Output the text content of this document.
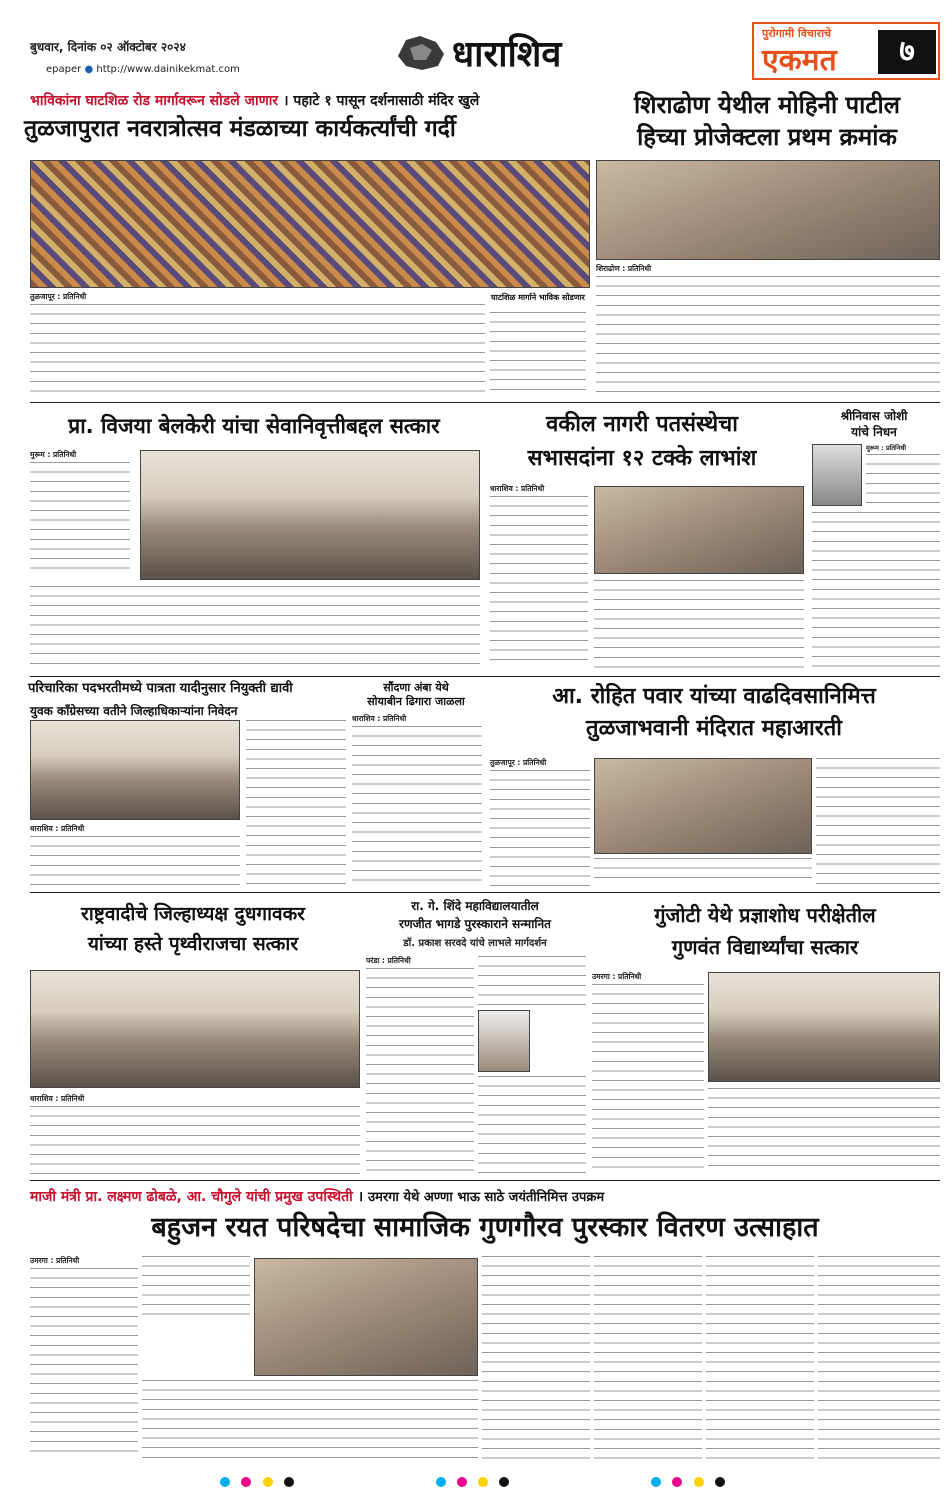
बुधवार, दिनांक ०२ ऑक्टोबर २०२४
epaper ● http://www.dainikekmat.com	धाराशिव
पुरोगामी विचाराचे
एकमत	७
भाविकांना घाटशिळ रोड मार्गावरून सोडले जाणार । पहाटे १ पासून दर्शनासाठी मंदिर खुले
तुळजापुरात नवरात्रोत्सव मंडळाच्या कार्यकर्त्यांची गर्दी
तुळजापूर : प्रतिनिधी	घाटशिळ मार्गाने भाविक सोडणार
शिराढोण येथील मोहिनी पाटील
हिच्या प्रोजेक्टला प्रथम क्रमांक
शिराढोण : प्रतिनिधी
प्रा. विजया बेलकेरी यांचा सेवानिवृत्तीबद्दल सत्कार
मुरूम : प्रतिनिधी
वकील नागरी पतसंस्थेचा
सभासदांना १२ टक्के लाभांश
धाराशिव : प्रतिनिधी
श्रीनिवास जोशी
यांचे निधन
मुरूम : प्रतिनिधी
परिचारिका पदभरतीमध्ये पात्रता यादीनुसार नियुक्ती द्यावी
युवक काँग्रेसच्या वतीने जिल्हाधिकाऱ्यांना निवेदन
धाराशिव : प्रतिनिधी
सौंदणा अंबा येथे
सोयाबीन ढिगारा जाळला
धाराशिव : प्रतिनिधी
आ. रोहित पवार यांच्या वाढदिवसानिमित्त
तुळजाभवानी मंदिरात महाआरती
तुळजापूर : प्रतिनिधी
राष्ट्रवादीचे जिल्हाध्यक्ष दुधगावकर
यांच्या हस्ते पृथ्वीराजचा सत्कार
धाराशिव : प्रतिनिधी
रा. गे. शिंदे महाविद्यालयातील
रणजीत भागडे पुरस्काराने सन्मानित
डॉ. प्रकाश सरवदे यांचे लाभले मार्गदर्शन
परंडा : प्रतिनिधी
गुंजोटी येथे प्रज्ञाशोध परीक्षेतील
गुणवंत विद्यार्थ्यांचा सत्कार
उमरगा : प्रतिनिधी
माजी मंत्री प्रा. लक्ष्मण ढोबळे, आ. चौगुले यांची प्रमुख उपस्थिती । उमरगा येथे अण्णा भाऊ साठे जयंतीनिमित्त उपक्रम
बहुजन रयत परिषदेचा सामाजिक गुणगौरव पुरस्कार वितरण उत्साहात
उमरगा : प्रतिनिधी
